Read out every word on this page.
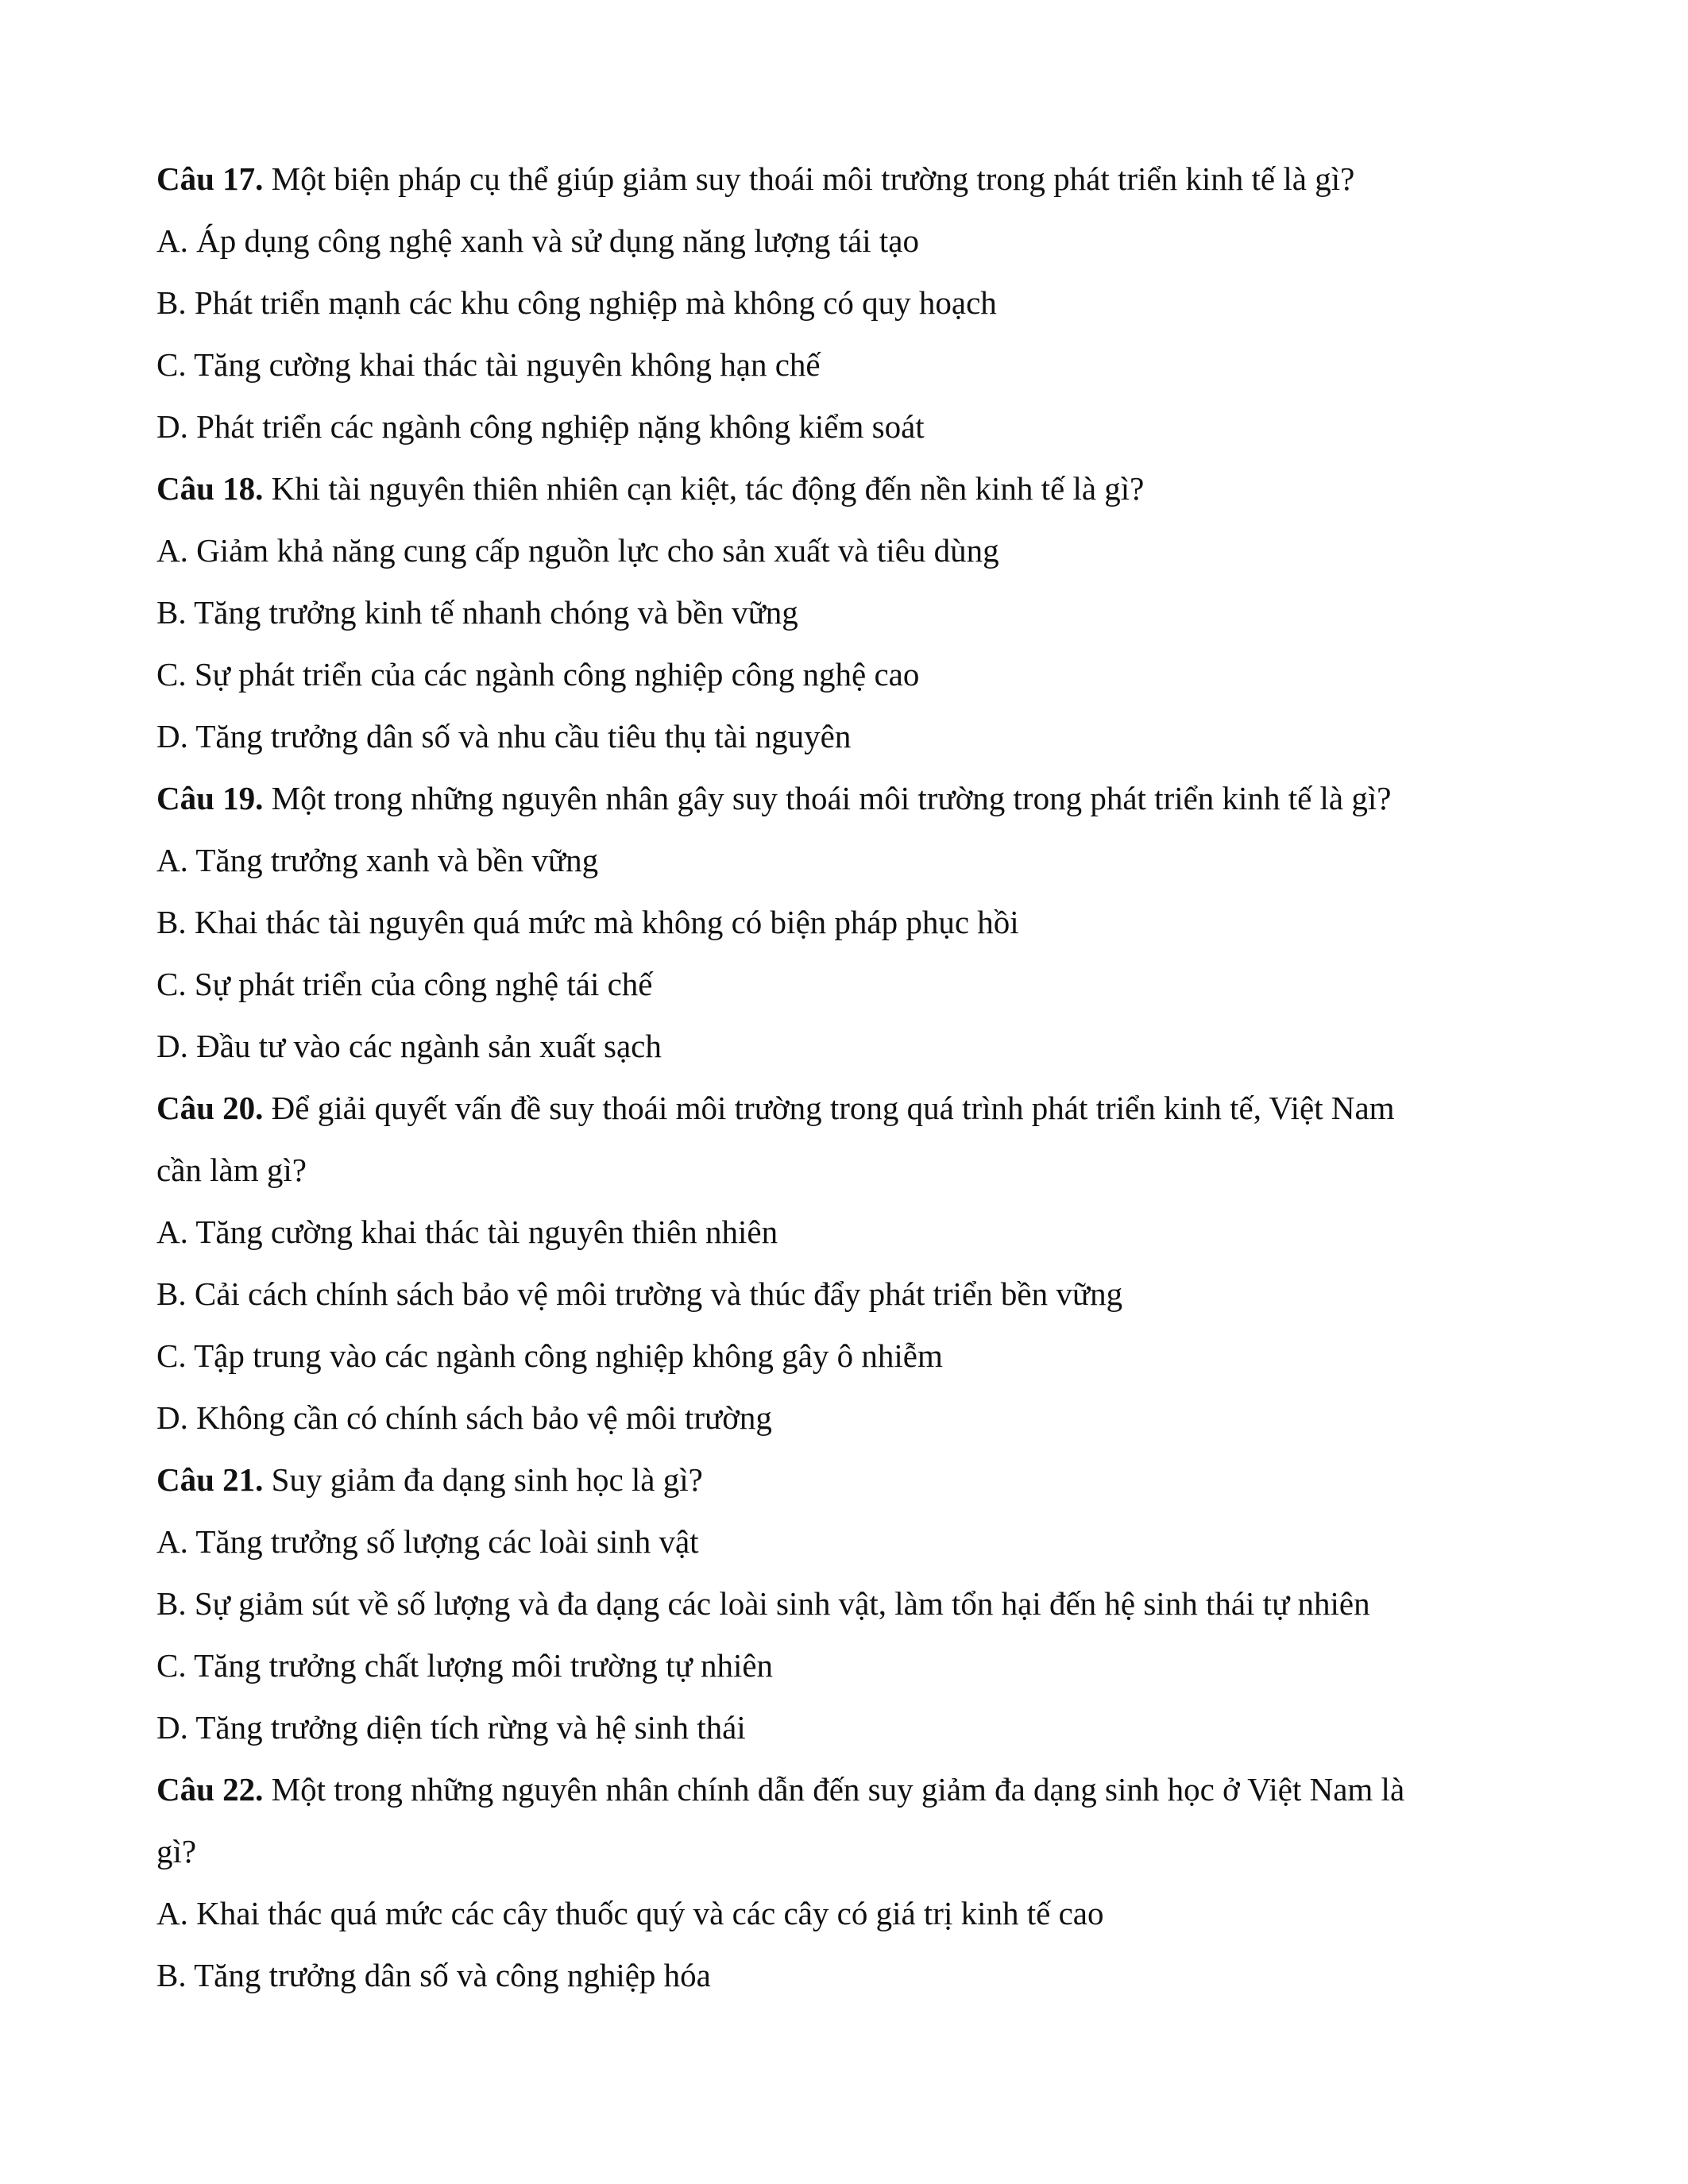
Câu 17. Một biện pháp cụ thể giúp giảm suy thoái môi trường trong phát triển kinh tế là gì?
A. Áp dụng công nghệ xanh và sử dụng năng lượng tái tạo
B. Phát triển mạnh các khu công nghiệp mà không có quy hoạch
C. Tăng cường khai thác tài nguyên không hạn chế
D. Phát triển các ngành công nghiệp nặng không kiểm soát
Câu 18. Khi tài nguyên thiên nhiên cạn kiệt, tác động đến nền kinh tế là gì?
A. Giảm khả năng cung cấp nguồn lực cho sản xuất và tiêu dùng
B. Tăng trưởng kinh tế nhanh chóng và bền vững
C. Sự phát triển của các ngành công nghiệp công nghệ cao
D. Tăng trưởng dân số và nhu cầu tiêu thụ tài nguyên
Câu 19. Một trong những nguyên nhân gây suy thoái môi trường trong phát triển kinh tế là gì?
A. Tăng trưởng xanh và bền vững
B. Khai thác tài nguyên quá mức mà không có biện pháp phục hồi
C. Sự phát triển của công nghệ tái chế
D. Đầu tư vào các ngành sản xuất sạch
Câu 20. Để giải quyết vấn đề suy thoái môi trường trong quá trình phát triển kinh tế, Việt Nam
cần làm gì?
A. Tăng cường khai thác tài nguyên thiên nhiên
B. Cải cách chính sách bảo vệ môi trường và thúc đẩy phát triển bền vững
C. Tập trung vào các ngành công nghiệp không gây ô nhiễm
D. Không cần có chính sách bảo vệ môi trường
Câu 21. Suy giảm đa dạng sinh học là gì?
A. Tăng trưởng số lượng các loài sinh vật
B. Sự giảm sút về số lượng và đa dạng các loài sinh vật, làm tổn hại đến hệ sinh thái tự nhiên
C. Tăng trưởng chất lượng môi trường tự nhiên
D. Tăng trưởng diện tích rừng và hệ sinh thái
Câu 22. Một trong những nguyên nhân chính dẫn đến suy giảm đa dạng sinh học ở Việt Nam là
gì?
A. Khai thác quá mức các cây thuốc quý và các cây có giá trị kinh tế cao
B. Tăng trưởng dân số và công nghiệp hóa
